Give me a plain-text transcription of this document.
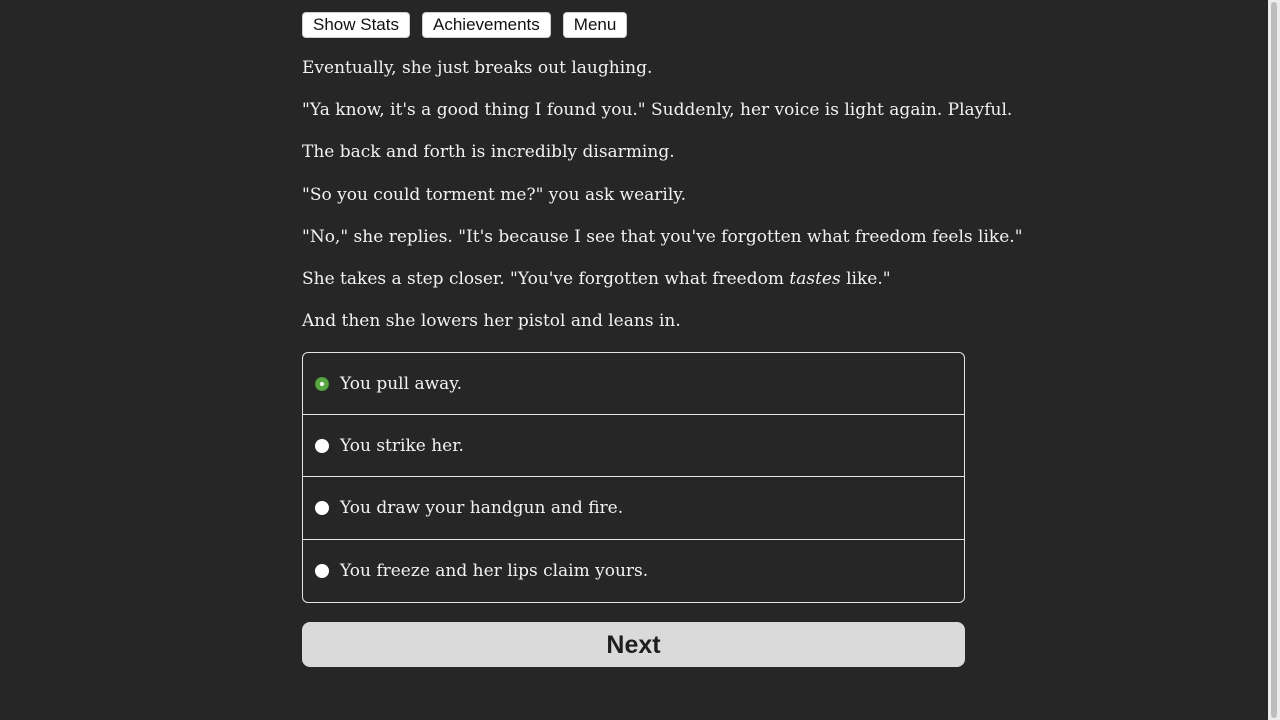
Show Stats	Achievements	Menu

Eventually, she just breaks out laughing.

"Ya know, it's a good thing I found you." Suddenly, her voice is light again. Playful.

The back and forth is incredibly disarming.

"So you could torment me?" you ask wearily.

"No," she replies. "It's because I see that you've forgotten what freedom feels like."

She takes a step closer. "You've forgotten what freedom tastes like."

And then she lowers her pistol and leans in.

You pull away.
You strike her.
You draw your handgun and fire.
You freeze and her lips claim yours.
Next
